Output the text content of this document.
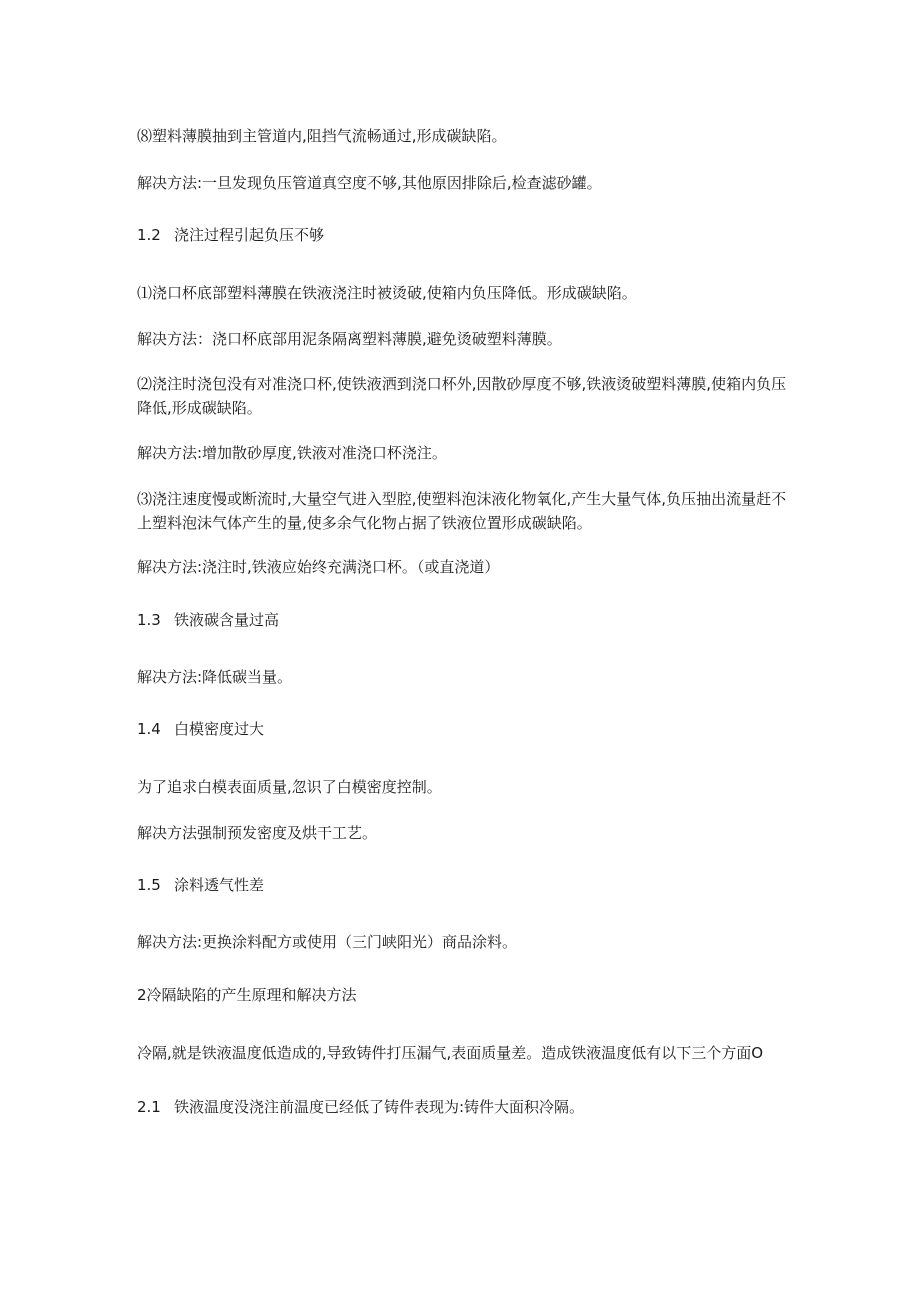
⑻塑料薄膜抽到主管道内,阻挡气流畅通过,形成碳缺陷。
解决方法:一旦发现负压管道真空度不够,其他原因排除后,检查滤砂罐。
1.2 浇注过程引起负压不够
⑴浇口杯底部塑料薄膜在铁液浇注时被烫破,使箱内负压降低。形成碳缺陷。
解决方法：浇口杯底部用泥条隔离塑料薄膜,避免烫破塑料薄膜。
⑵浇注时浇包没有对准浇口杯,使铁液洒到浇口杯外,因散砂厚度不够,铁液烫破塑料薄膜,使箱内负压降低,形成碳缺陷。
解决方法:增加散砂厚度,铁液对准浇口杯浇注。
⑶浇注速度慢或断流时,大量空气进入型腔,使塑料泡沫液化物氧化,产生大量气体,负压抽出流量赶不上塑料泡沫气体产生的量,使多余气化物占据了铁液位置形成碳缺陷。
解决方法:浇注时,铁液应始终充满浇口杯。（或直浇道）
1.3 铁液碳含量过高
解决方法:降低碳当量。
1.4 白模密度过大
为了追求白模表面质量,忽识了白模密度控制。
解决方法强制预发密度及烘干工艺。
1.5 涂料透气性差
解决方法:更换涂料配方或使用（三门峡阳光）商品涂料。
2冷隔缺陷的产生原理和解决方法
冷隔,就是铁液温度低造成的,导致铸件打压漏气,表面质量差。造成铁液温度低有以下三个方面O
2.1 铁液温度没浇注前温度已经低了铸件表现为:铸件大面积冷隔。
